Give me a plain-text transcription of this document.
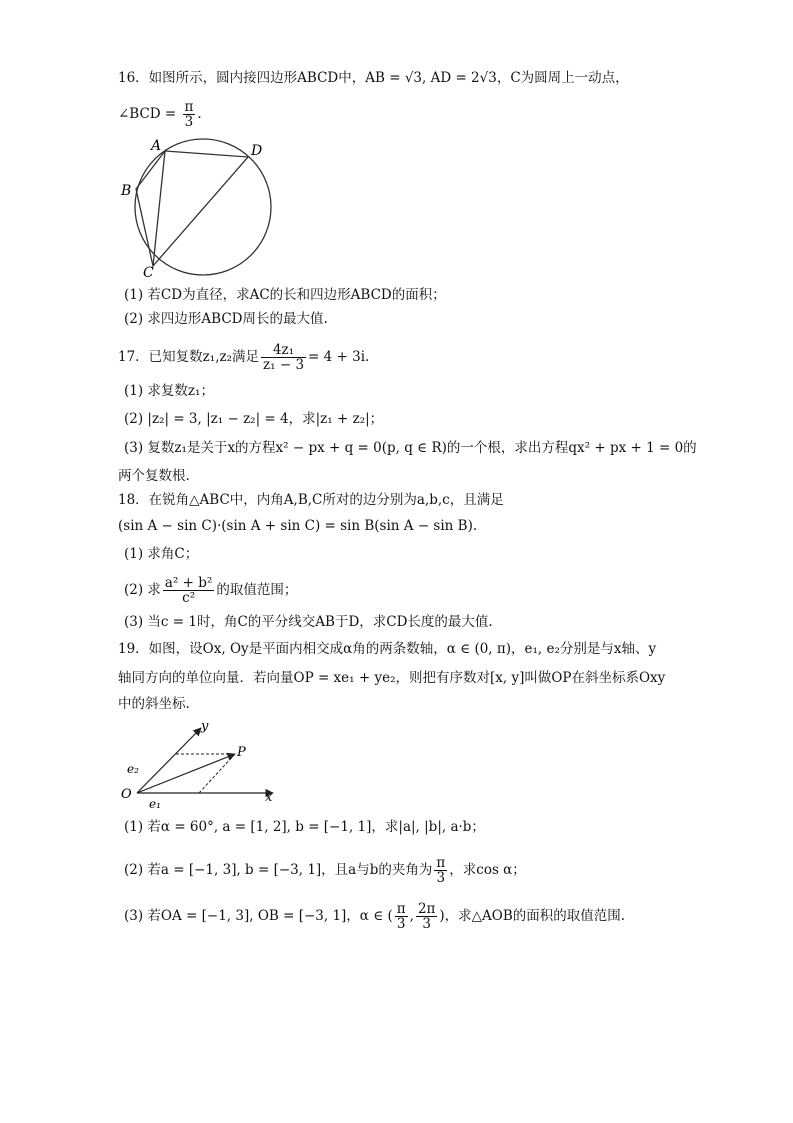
16．如图所示，圆内接四边形ABCD中，AB = √3, AD = 2√3，C为圆周上一动点，
∠BCD = $\frac{\pi}{3}$ .
A	D
B
C
(1) 若CD为直径，求AC的长和四边形ABCD的面积；
(2) 求四边形ABCD周长的最大值.
17．已知复数z₁,z₂满足 $\frac{\text{4z₁}}{\text{z₁ − 3}} = 4 + 3i$.
(1) 求复数z₁；
(2) |z₂| = 3, |z₁ − z₂| = 4，求|z₁ + z₂|；
(3) 复数z₁是关于x的方程x² − px + q = 0(p, q ∈ R)的一个根，求出方程qx² + px + 1 = 0的
两个复数根.
18．在锐角△ABC中，内角A,B,C所对的边分别为a,b,c，且满足
(sin A − sin C)·(sin A + sin C) = sin B(sin A − sin B).
(1) 求角C；
(2) 求 $\frac{\text{a² + b²}}{\text{c²}}$ 的取值范围；
(3) 当c = 1时，角C的平分线交AB于D，求CD长度的最大值.
19．如图，设Ox, Oy是平面内相交成α角的两条数轴，α ∈ (0, π)，e₁, e₂分别是与x轴、y
轴同方向的单位向量．若向量OP = xe₁ + ye₂，则把有序数对[x, y]叫做OP在斜坐标系Oxy
中的斜坐标.
y
P
e₂
O
e₁	x
(1) 若α = 60°, a = [1, 2], b = [−1, 1]，求|a|, |b|, a·b；
(2) 若a = [−1, 3], b = [−3, 1]，且a与b的夹角为 $\frac{\pi}{3}$ ，求cos α；
(3) 若OA = [−1, 3], OB = [−3, 1]，α ∈ ( $\frac{\pi}{3}$ , $\frac{2\pi}{3}$ )，求△AOB的面积的取值范围.
